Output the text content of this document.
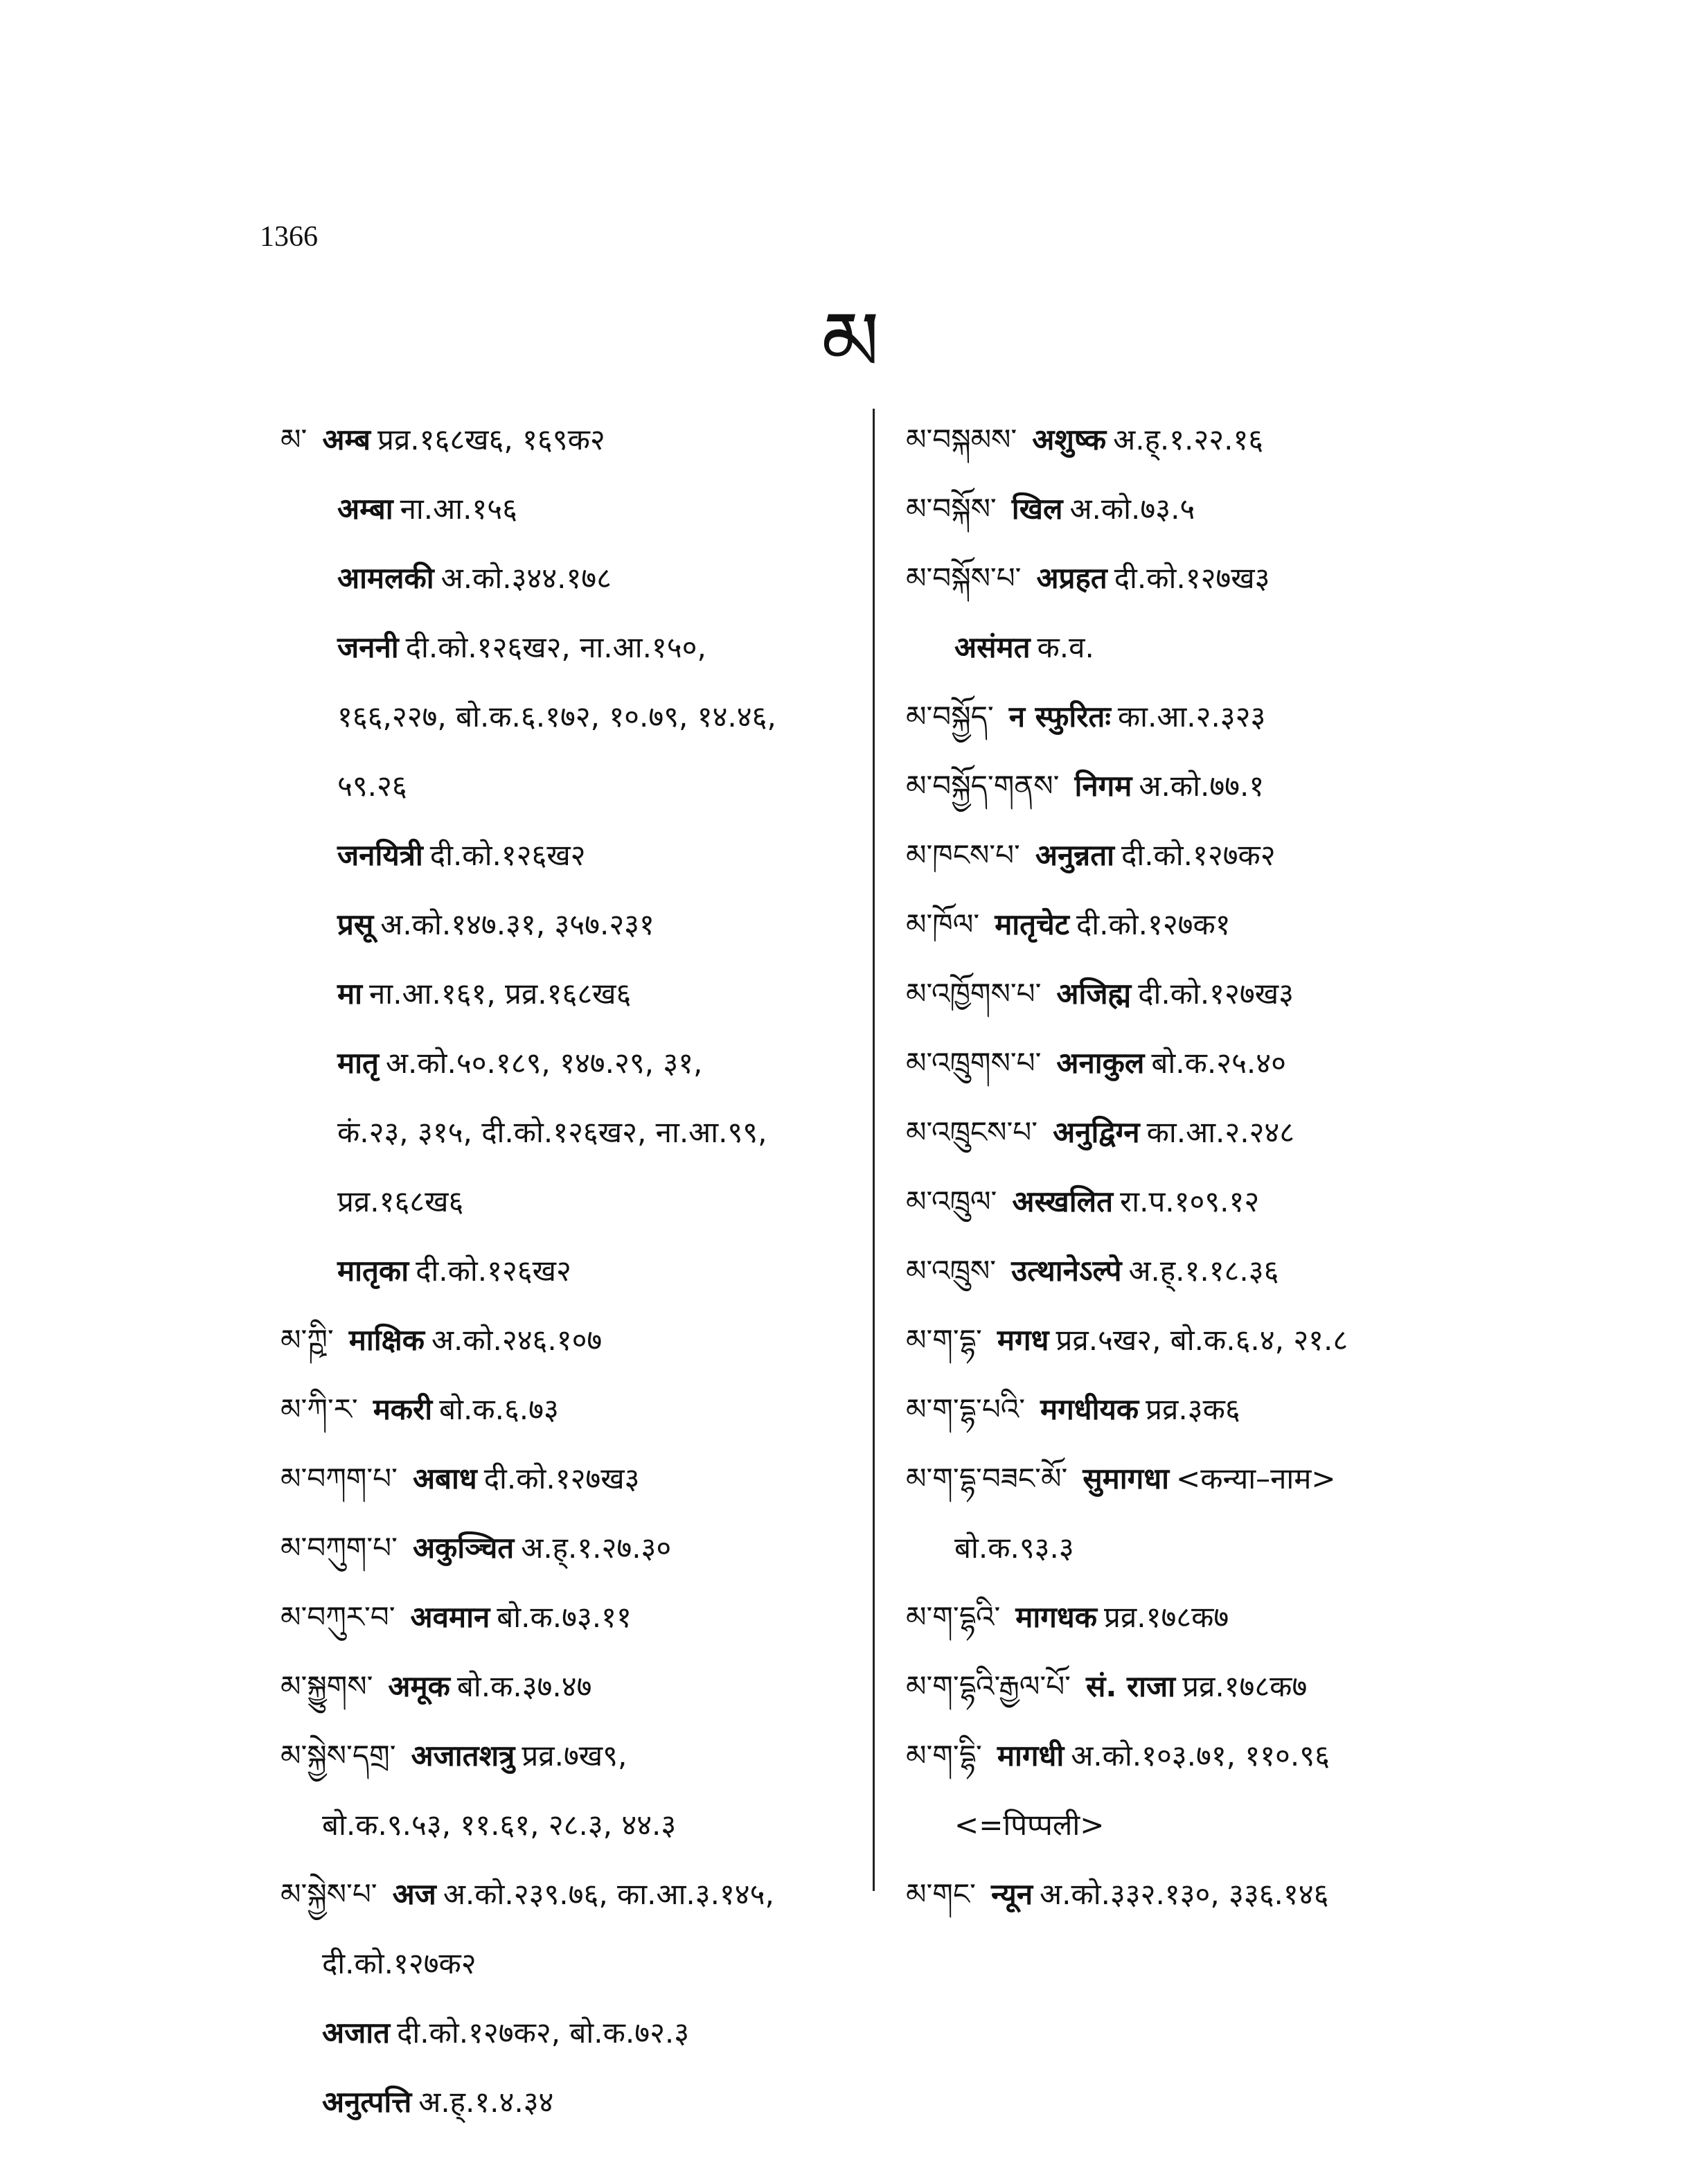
1366
མ
མ་ अम्ब प्रव्र.१६८ख६, १६९क२
अम्बा ना.आ.१५६
आमलकी अ.को.३४४.१७८
जननी दी.को.१२६ख२, ना.आ.१५०,
१६६,२२७, बो.क.६.१७२, १०.७९, १४.४६,
५९.२६
जनयित्री दी.को.१२६ख२
प्रसू अ.को.१४७.३१, ३५७.२३१
मा ना.आ.१६१, प्रव्र.१६८ख६
मातृ अ.को.५०.१८९, १४७.२९, ३१,
कं.२३, ३१५, दी.को.१२६ख२, ना.आ.९९,
प्रव्र.१६८ख६
मातृका दी.को.१२६ख२
མ་ཀྵི་ माक्षिक अ.को.२४६.१०७
མ་ཀི་ར་ मकरी बो.क.६.७३
མ་བཀག་པ་ अबाध दी.को.१२७ख३
མ་བཀུག་པ་ अकुञ्चित अ.ह्.१.२७.३०
མ་བཀུར་བ་ अवमान बो.क.७३.११
མ་སྐྱུགས་ अमूक बो.क.३७.४७
མ་སྐྱེས་དགྲ་ अजातशत्रु प्रव्र.७ख९,
बो.क.९.५३, ११.६१, २८.३, ४४.३
མ་སྐྱེས་པ་ अज अ.को.२३९.७६, का.आ.३.१४५,
दी.को.१२७क२
अजात दी.को.१२७क२, बो.क.७२.३
अनुत्पत्ति अ.ह्.१.४.३४
མ་བསྐམས་ अशुष्क अ.ह्.१.२२.१६
མ་བསྐོས་ खिल अ.को.७३.५
མ་བསྐོས་པ་ अप्रहत दी.को.१२७ख३
असंमत क.व.
མ་བསྐྱོད་ न स्फुरितः का.आ.२.३२३
མ་བསྐྱོད་གནས་ निगम अ.को.७७.१
མ་ཁངས་པ་ अनुन्नता दी.को.१२७क२
མ་ཁོལ་ मातृचेट दी.को.१२७क१
མ་འཁྱོགས་པ་ अजिह्म दी.को.१२७ख३
མ་འཁྲུགས་པ་ अनाकुल बो.क.२५.४०
མ་འཁྲུངས་པ་ अनुद्विग्न का.आ.२.२४८
མ་འཁྲུལ་ अस्खलित रा.प.१०९.१२
མ་འཁྲུས་ उत्थानेऽल्पे अ.ह्.१.१८.३६
མ་ག་དྷ་ मगध प्रव्र.५ख२, बो.क.६.४, २१.८
མ་ག་དྷ་པའི་ मगधीयक प्रव्र.३क६
མ་ག་དྷ་བཟང་མོ་ सुमागधा <कन्या–नाम>
बो.क.९३.३
མ་ག་དྷའི་ मागधक प्रव्र.१७८क७
མ་ག་དྷའི་རྒྱལ་པོ་ सं. राजा प्रव्र.१७८क७
མ་ག་དྷི་ मागधी अ.को.१०३.७१, ११०.९६
<=पिप्पली>
མ་གང་ न्यून अ.को.३३२.१३०, ३३६.१४६
